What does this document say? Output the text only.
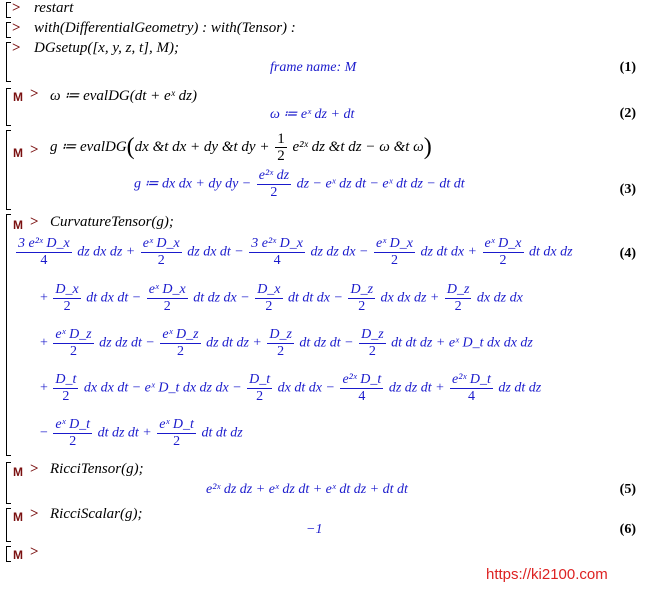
> restart
> with(DifferentialGeometry) : with(Tensor) :
> DGsetup([x, y, z, t], M);
frame name: M	(1)
M > ω ≔ evalDG(dt + eˣ dz)
ω ≔ eˣ dz + dt	(2)
M > g ≔ evalDG(dx &t dx + dy &t dy + $\frac{1}{2}$ e²ˣ dz &t dz − ω &t ω)
g ≔ dx dx + dy dy − $\frac{\text{e²ˣ dz}}{2}$ dz − eˣ dz dt − eˣ dt dz − dt dt	(3)
M > CurvatureTensor(g);
$\frac{\text{3 e²ˣ D\_x}}{4}$ dz dx dz + $\frac{\text{eˣ D\_x}}{2}$ dz dx dt − $\frac{\text{3 e²ˣ D\_x}}{4}$ dz dz dx − $\frac{\text{eˣ D\_x}}{2}$ dz dt dx + $\frac{\text{eˣ D\_x}}{2}$ dt dx dz
+ $\frac{D\_x}{2}$ dt dx dt − $\frac{\text{eˣ D\_x}}{2}$ dt dz dx − $\frac{D\_x}{2}$ dt dt dx − $\frac{D\_z}{2}$ dx dx dz + $\frac{D\_z}{2}$ dx dz dx
+ $\frac{\text{eˣ D\_z}}{2}$ dz dz dt − $\frac{\text{eˣ D\_z}}{2}$ dz dt dz + $\frac{D\_z}{2}$ dt dz dt − $\frac{D\_z}{2}$ dt dt dz + eˣ D_t dx dx dz
+ $\frac{D\_t}{2}$ dx dx dt − eˣ D_t dx dz dx − $\frac{D\_t}{2}$ dx dt dx − $\frac{\text{e²ˣ D\_t}}{4}$ dz dz dt + $\frac{\text{e²ˣ D\_t}}{4}$ dz dt dz
− $\frac{\text{eˣ D\_t}}{2}$ dt dz dt + $\frac{\text{eˣ D\_t}}{2}$ dt dt dz
(4)
M > RicciTensor(g);
e²ˣ dz dz + eˣ dz dt + eˣ dt dz + dt dt	(5)
M > RicciScalar(g);
−1	(6)
M >
https://ki2100.com
